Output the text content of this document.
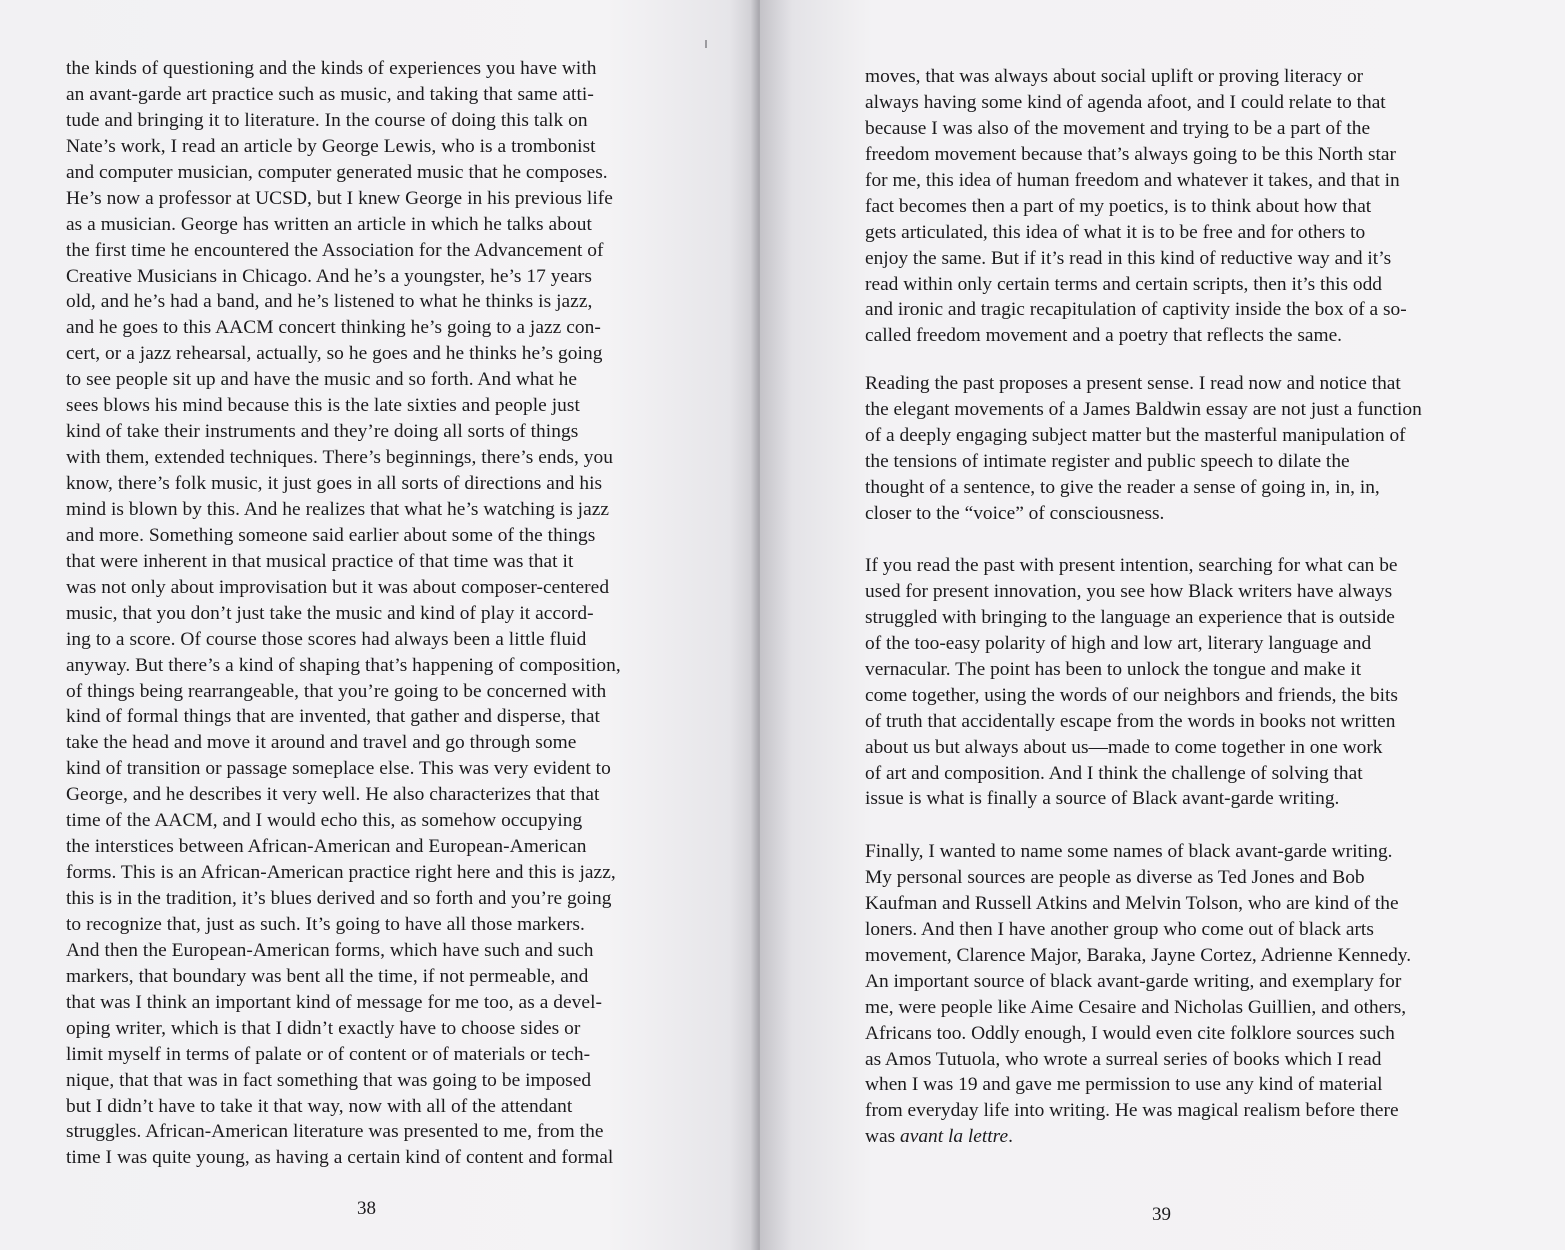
the kinds of questioning and the kinds of experiences you have with
an avant-garde art practice such as music, and taking that same atti-
tude and bringing it to literature. In the course of doing this talk on
Nate’s work, I read an article by George Lewis, who is a trombonist
and computer musician, computer generated music that he composes.
He’s now a professor at UCSD, but I knew George in his previous life
as a musician. George has written an article in which he talks about
the first time he encountered the Association for the Advancement of
Creative Musicians in Chicago. And he’s a youngster, he’s 17 years
old, and he’s had a band, and he’s listened to what he thinks is jazz,
and he goes to this AACM concert thinking he’s going to a jazz con-
cert, or a jazz rehearsal, actually, so he goes and he thinks he’s going
to see people sit up and have the music and so forth. And what he
sees blows his mind because this is the late sixties and people just
kind of take their instruments and they’re doing all sorts of things
with them, extended techniques. There’s beginnings, there’s ends, you
know, there’s folk music, it just goes in all sorts of directions and his
mind is blown by this. And he realizes that what he’s watching is jazz
and more. Something someone said earlier about some of the things
that were inherent in that musical practice of that time was that it
was not only about improvisation but it was about composer-centered
music, that you don’t just take the music and kind of play it accord-
ing to a score. Of course those scores had always been a little fluid
anyway. But there’s a kind of shaping that’s happening of composition,
of things being rearrangeable, that you’re going to be concerned with
kind of formal things that are invented, that gather and disperse, that
take the head and move it around and travel and go through some
kind of transition or passage someplace else. This was very evident to
George, and he describes it very well. He also characterizes that that
time of the AACM, and I would echo this, as somehow occupying
the interstices between African-American and European-American
forms. This is an African-American practice right here and this is jazz,
this is in the tradition, it’s blues derived and so forth and you’re going
to recognize that, just as such. It’s going to have all those markers.
And then the European-American forms, which have such and such
markers, that boundary was bent all the time, if not permeable, and
that was I think an important kind of message for me too, as a devel-
oping writer, which is that I didn’t exactly have to choose sides or
limit myself in terms of palate or of content or of materials or tech-
nique, that that was in fact something that was going to be imposed
but I didn’t have to take it that way, now with all of the attendant
struggles. African-American literature was presented to me, from the
time I was quite young, as having a certain kind of content and formal
38	39
moves, that was always about social uplift or proving literacy or
always having some kind of agenda afoot, and I could relate to that
because I was also of the movement and trying to be a part of the
freedom movement because that’s always going to be this North star
for me, this idea of human freedom and whatever it takes, and that in
fact becomes then a part of my poetics, is to think about how that
gets articulated, this idea of what it is to be free and for others to
enjoy the same. But if it’s read in this kind of reductive way and it’s
read within only certain terms and certain scripts, then it’s this odd
and ironic and tragic recapitulation of captivity inside the box of a so-
called freedom movement and a poetry that reflects the same.
Reading the past proposes a present sense. I read now and notice that
the elegant movements of a James Baldwin essay are not just a function
of a deeply engaging subject matter but the masterful manipulation of
the tensions of intimate register and public speech to dilate the
thought of a sentence, to give the reader a sense of going in, in, in,
closer to the “voice” of consciousness.
If you read the past with present intention, searching for what can be
used for present innovation, you see how Black writers have always
struggled with bringing to the language an experience that is outside
of the too-easy polarity of high and low art, literary language and
vernacular. The point has been to unlock the tongue and make it
come together, using the words of our neighbors and friends, the bits
of truth that accidentally escape from the words in books not written
about us but always about us—made to come together in one work
of art and composition. And I think the challenge of solving that
issue is what is finally a source of Black avant-garde writing.
Finally, I wanted to name some names of black avant-garde writing.
My personal sources are people as diverse as Ted Jones and Bob
Kaufman and Russell Atkins and Melvin Tolson, who are kind of the
loners. And then I have another group who come out of black arts
movement, Clarence Major, Baraka, Jayne Cortez, Adrienne Kennedy.
An important source of black avant-garde writing, and exemplary for
me, were people like Aime Cesaire and Nicholas Guillien, and others,
Africans too. Oddly enough, I would even cite folklore sources such
as Amos Tutuola, who wrote a surreal series of books which I read
when I was 19 and gave me permission to use any kind of material
from everyday life into writing. He was magical realism before there
was avant la lettre.
